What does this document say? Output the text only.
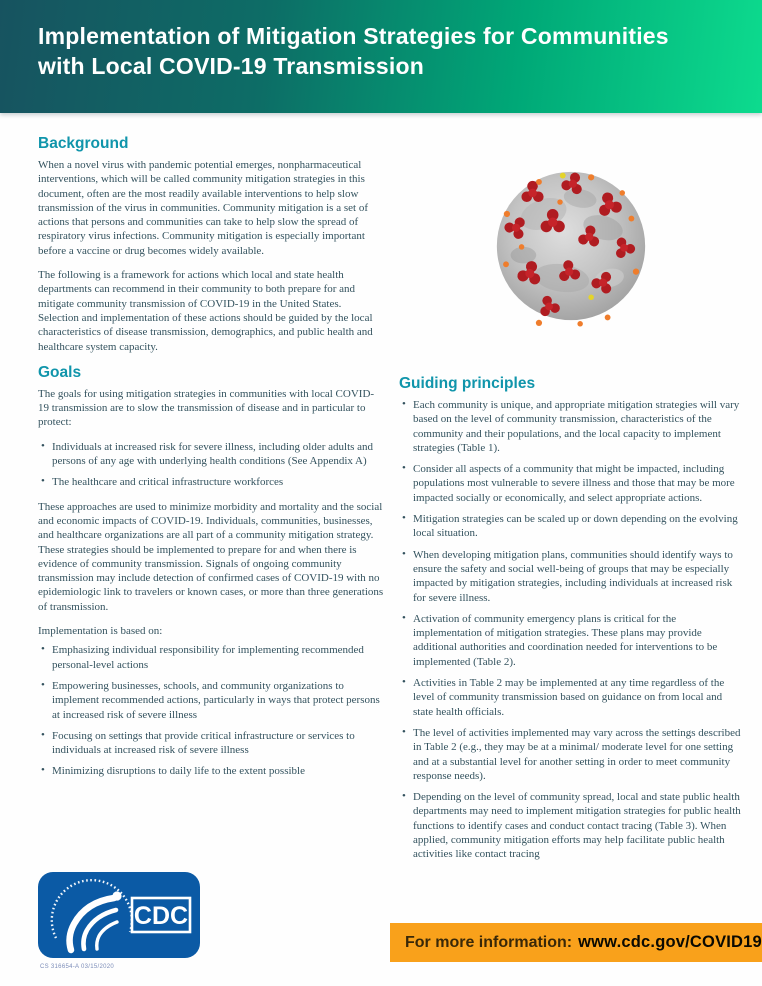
Implementation of Mitigation Strategies for Communities with Local COVID-19 Transmission
Background

When a novel virus with pandemic potential emerges, nonpharmaceutical interventions, which will be called community mitigation strategies in this document, often are the most readily available interventions to help slow transmission of the virus in communities. Community mitigation is a set of actions that persons and communities can take to help slow the spread of respiratory virus infections. Community mitigation is especially important before a vaccine or drug becomes widely available.

The following is a framework for actions which local and state health departments can recommend in their community to both prepare for and mitigate community transmission of COVID-19 in the United States. Selection and implementation of these actions should be guided by the local characteristics of disease transmission, demographics, and public health and healthcare system capacity.

Goals

The goals for using mitigation strategies in communities with local COVID-19 transmission are to slow the transmission of disease and in particular to protect:

• Individuals at increased risk for severe illness, including older adults and persons of any age with underlying health conditions (See Appendix A)
• The healthcare and critical infrastructure workforces

These approaches are used to minimize morbidity and mortality and the social and economic impacts of COVID-19. Individuals, communities, businesses, and healthcare organizations are all part of a community mitigation strategy. These strategies should be implemented to prepare for and when there is evidence of community transmission. Signals of ongoing community transmission may include detection of confirmed cases of COVID-19 with no epidemiologic link to travelers or known cases, or more than three generations of transmission.

Implementation is based on:

• Emphasizing individual responsibility for implementing recommended personal-level actions
• Empowering businesses, schools, and community organizations to implement recommended actions, particularly in ways that protect persons at increased risk of severe illness
• Focusing on settings that provide critical infrastructure or services to individuals at increased risk of severe illness
• Minimizing disruptions to daily life to the extent possible
Guiding principles
• Each community is unique, and appropriate mitigation strategies will vary based on the level of community transmission, characteristics of the community and their populations, and the local capacity to implement strategies (Table 1).
• Consider all aspects of a community that might be impacted, including populations most vulnerable to severe illness and those that may be more impacted socially or economically, and select appropriate actions.
• Mitigation strategies can be scaled up or down depending on the evolving local situation.
• When developing mitigation plans, communities should identify ways to ensure the safety and social well-being of groups that may be especially impacted by mitigation strategies, including individuals at increased risk for severe illness.
• Activation of community emergency plans is critical for the implementation of mitigation strategies. These plans may provide additional authorities and coordination needed for interventions to be implemented (Table 2).
• Activities in Table 2 may be implemented at any time regardless of the level of community transmission based on guidance on from local and state health officials.
• The level of activities implemented may vary across the settings described in Table 2 (e.g., they may be at a minimal/ moderate level for one setting and at a substantial level for another setting in order to meet community response needs).
• Depending on the level of community spread, local and state public health departments may need to implement mitigation strategies for public health functions to identify cases and conduct contact tracing (Table 3). When applied, community mitigation efforts may help facilitate public health activities like contact tracing
CDC
CS 316654-A 03/15/2020
For more information: www.cdc.gov/COVID19
